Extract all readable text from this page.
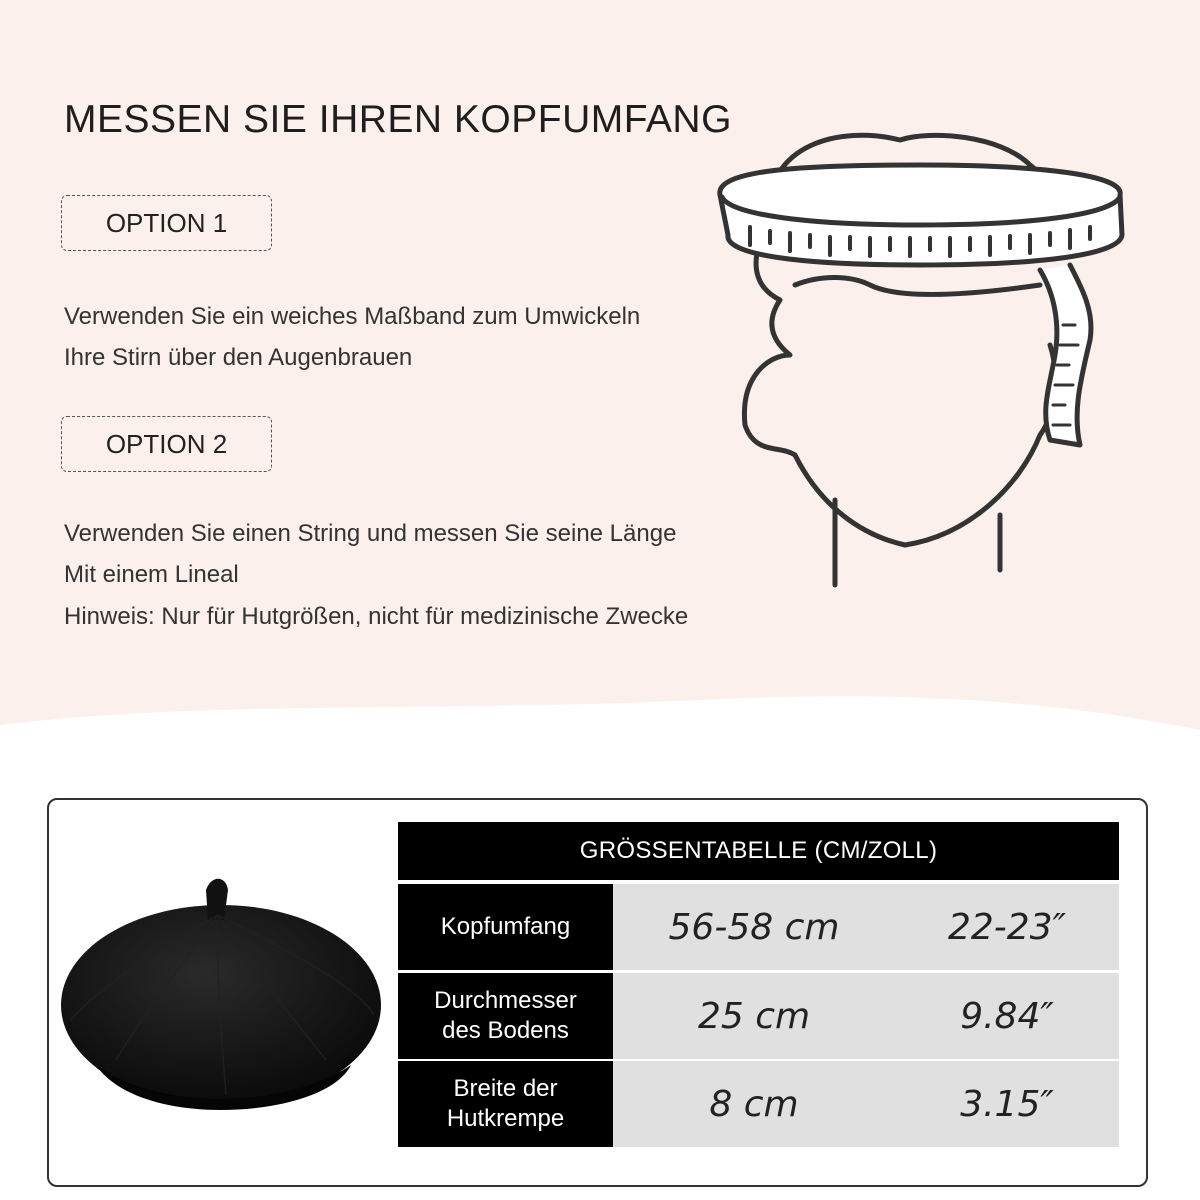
MESSEN SIE IHREN KOPFUMFANG
OPTION 1
Verwenden Sie ein weiches Maßband zum Umwickeln
Ihre Stirn über den Augenbrauen
OPTION 2
Verwenden Sie einen String und messen Sie seine Länge
Mit einem Lineal
Hinweis: Nur für Hutgrößen, nicht für medizinische Zwecke
GRÖSSENTABELLE (CM/ZOLL)
Kopfumfang	56-58 cm	22-23″
Durchmesser
des Bodens	25 cm	9.84″
Breite der
Hutkrempe	8 cm	3.15″
